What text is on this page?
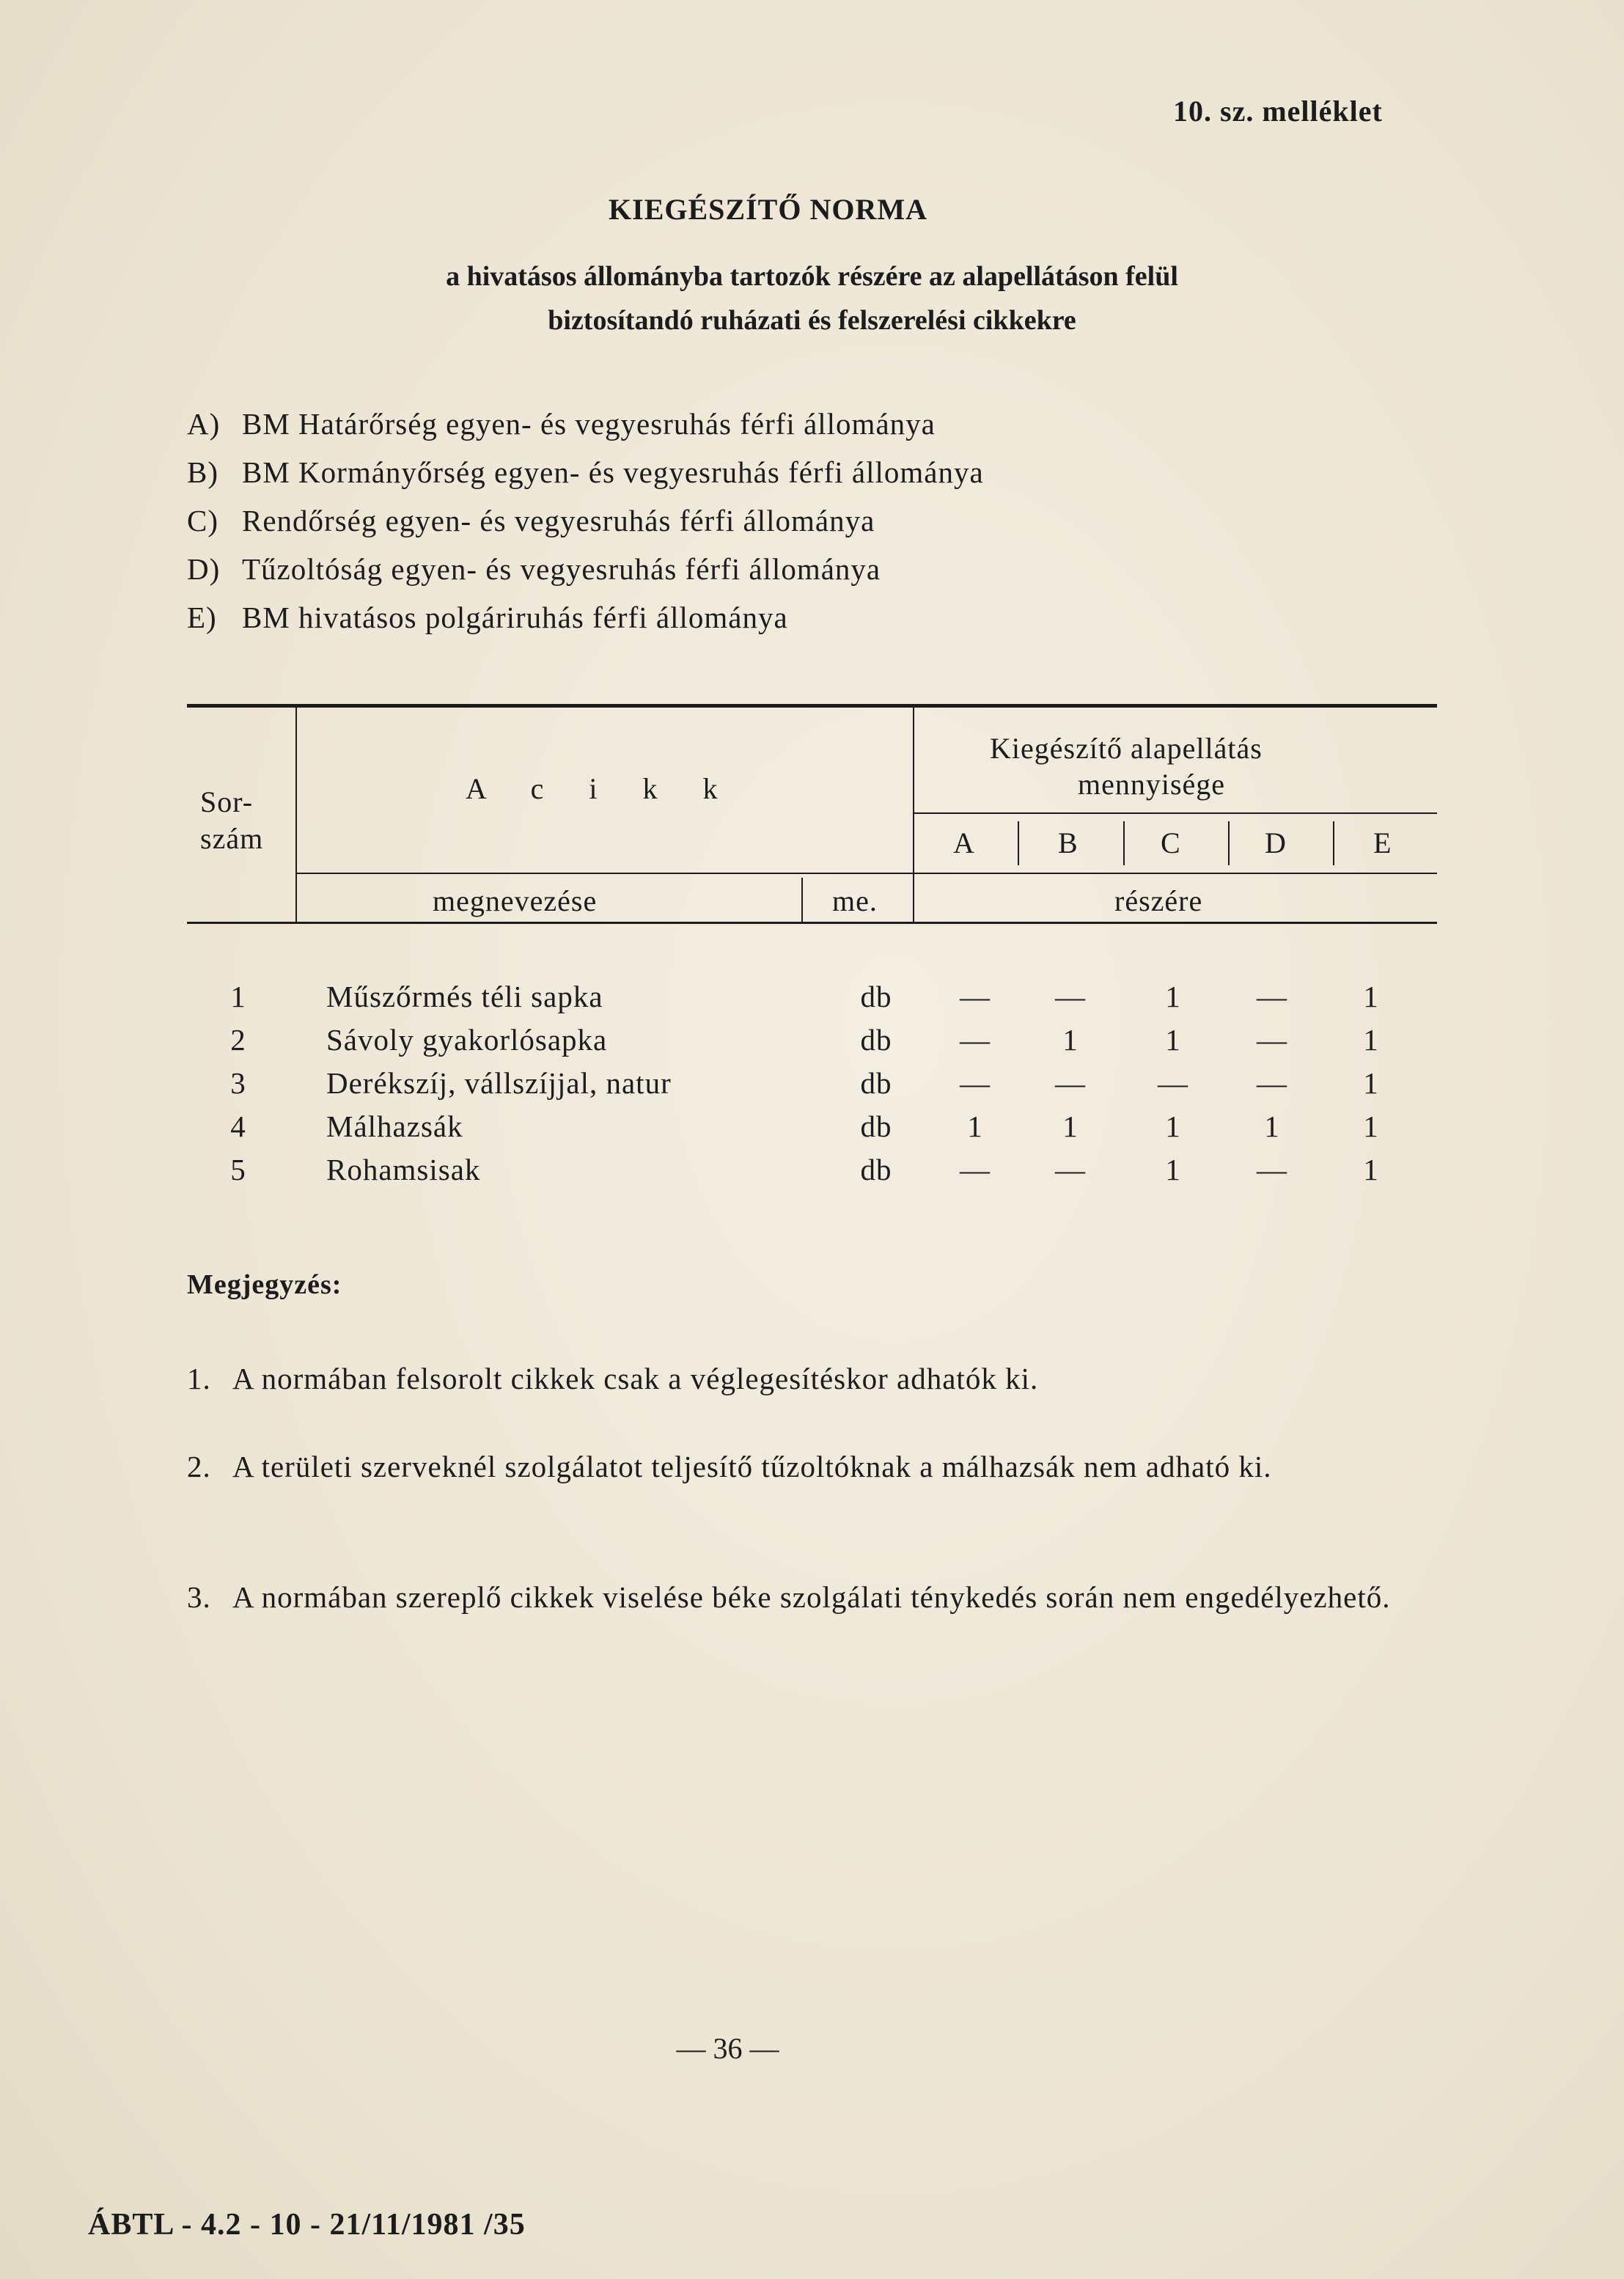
10. sz. melléklet
KIEGÉSZÍTŐ NORMA
a hivatásos állományba tartozók részére az alapellátáson felül
biztosítandó ruházati és felszerelési cikkekre
A) BM Határőrség egyen- és vegyesruhás férfi állománya
B) BM Kormányőrség egyen- és vegyesruhás férfi állománya
C) Rendőrség egyen- és vegyesruhás férfi állománya
D) Tűzoltóság egyen- és vegyesruhás férfi állománya
E) BM hivatásos polgáriruhás férfi állománya
Sor-
szám
A c i k k
Kiegészítő alapellátás
mennyisége
megnevezése	me.	részére
A	B	C	D	E
1	Műszőrmés téli sapka	db	—	—	1	—	1
2	Sávoly gyakorlósapka	db	—	1	1	—	1
3	Derékszíj, vállszíjjal, natur	db	—	—	—	—	1
4	Málhazsák	db	1	1	1	1	1
5	Rohamsisak	db	—	—	1	—	1
Megjegyzés:
1. A normában felsorolt cikkek csak a véglegesítéskor adhatók ki.
2. A területi szerveknél szolgálatot teljesítő tűzoltóknak a málhazsák nem adható ki.
3. A normában szereplő cikkek viselése béke szolgálati ténykedés során nem engedélyezhető.
— 36 —
ÁBTL - 4.2 - 10 - 21/11/1981 /35
